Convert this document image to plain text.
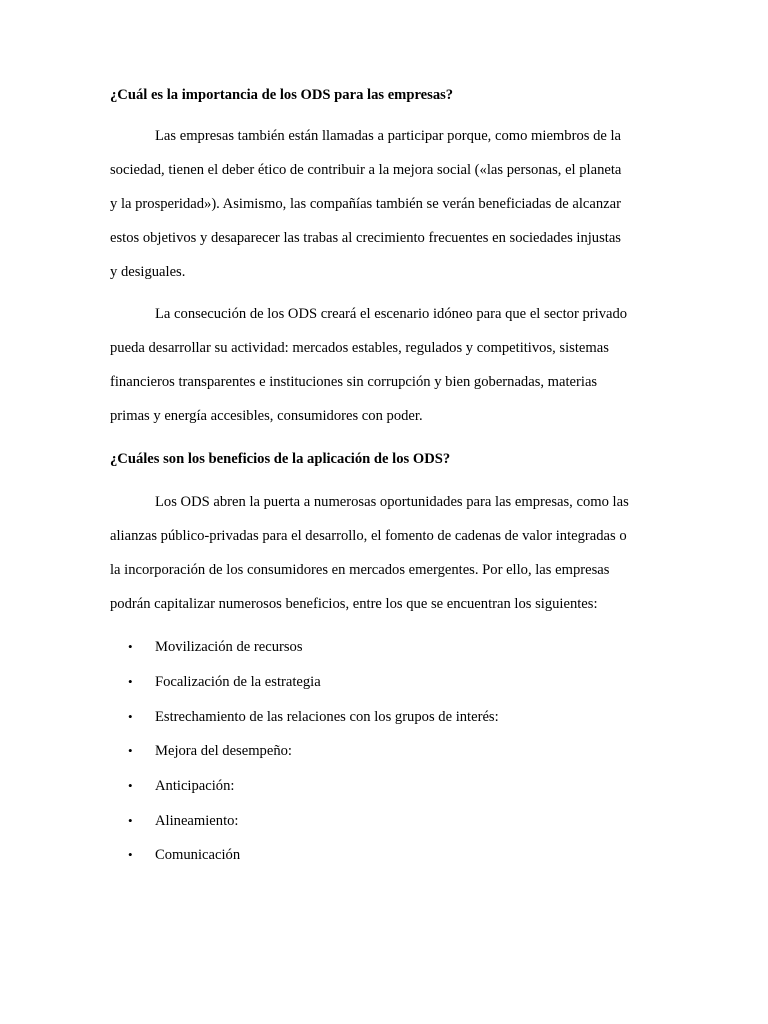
¿Cuál es la importancia de los ODS para las empresas?
Las empresas también están llamadas a participar porque, como miembros de la
sociedad, tienen el deber ético de contribuir a la mejora social («las personas, el planeta
y la prosperidad»). Asimismo, las compañías también se verán beneficiadas de alcanzar
estos objetivos y desaparecer las trabas al crecimiento frecuentes en sociedades injustas
y desiguales.
La consecución de los ODS creará el escenario idóneo para que el sector privado
pueda desarrollar su actividad: mercados estables, regulados y competitivos, sistemas
financieros transparentes e instituciones sin corrupción y bien gobernadas, materias
primas y energía accesibles, consumidores con poder.
¿Cuáles son los beneficios de la aplicación de los ODS?
Los ODS abren la puerta a numerosas oportunidades para las empresas, como las
alianzas público-privadas para el desarrollo, el fomento de cadenas de valor integradas o
la incorporación de los consumidores en mercados emergentes. Por ello, las empresas
podrán capitalizar numerosos beneficios, entre los que se encuentran los siguientes:
• Movilización de recursos
• Focalización de la estrategia
• Estrechamiento de las relaciones con los grupos de interés:
• Mejora del desempeño:
• Anticipación:
• Alineamiento:
• Comunicación
